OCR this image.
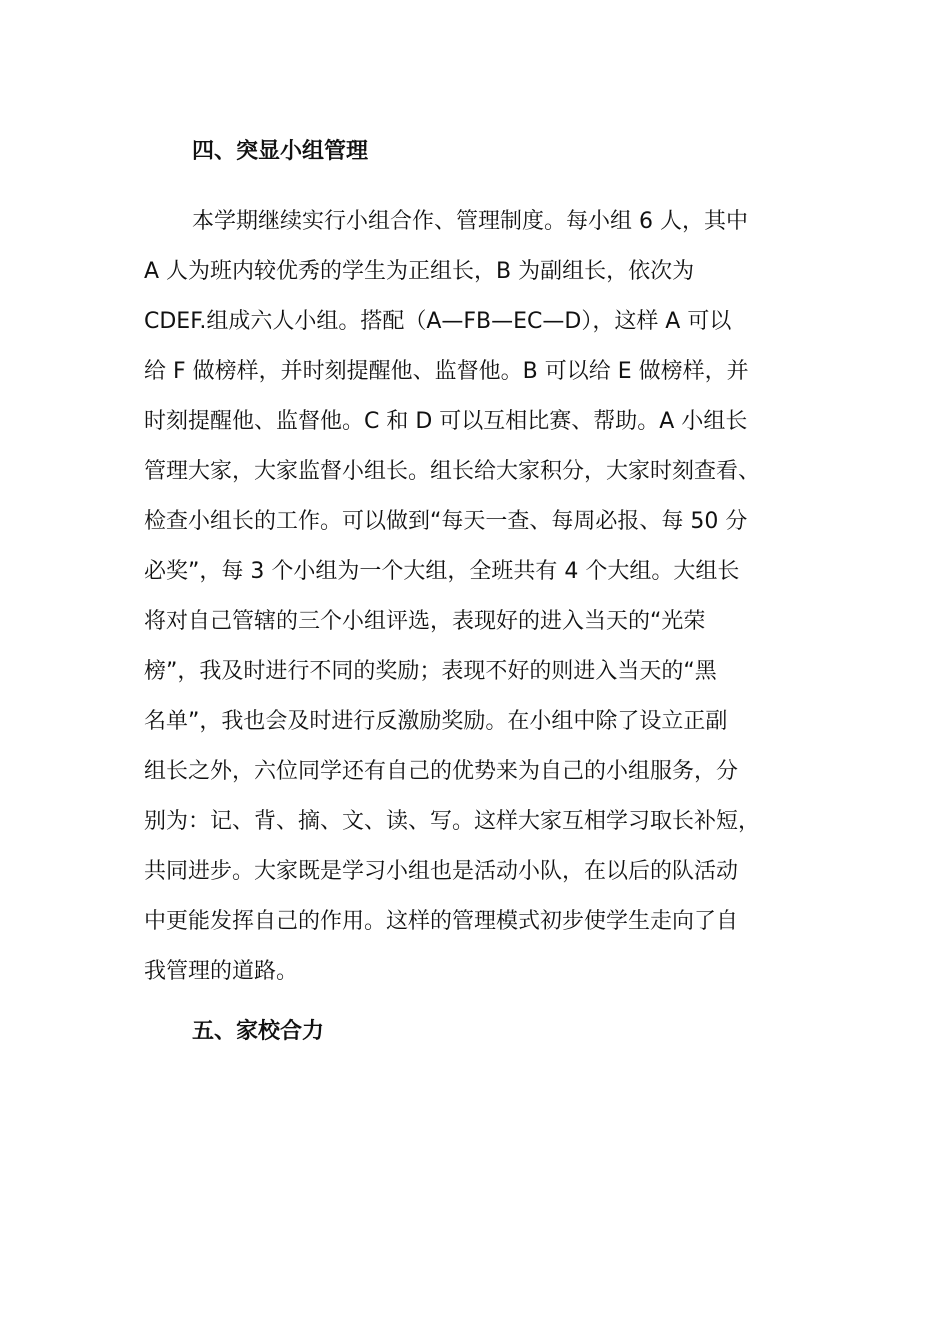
四、突显小组管理
本学期继续实行小组合作、管理制度。每小组 6 人，其中
A 人为班内较优秀的学生为正组长，B 为副组长，依次为
CDEF.组成六人小组。搭配（A—FB—EC—D），这样 A 可以
给 F 做榜样，并时刻提醒他、监督他。B 可以给 E 做榜样，并
时刻提醒他、监督他。C 和 D 可以互相比赛、帮助。A 小组长
管理大家，大家监督小组长。组长给大家积分，大家时刻查看、
检查小组长的工作。可以做到“每天一查、每周必报、每 50 分
必奖”，每 3 个小组为一个大组，全班共有 4 个大组。大组长
将对自己管辖的三个小组评选，表现好的进入当天的“光荣
榜”，我及时进行不同的奖励；表现不好的则进入当天的“黑
名单”，我也会及时进行反激励奖励。在小组中除了设立正副
组长之外，六位同学还有自己的优势来为自己的小组服务，分
别为：记、背、摘、文、读、写。这样大家互相学习取长补短，
共同进步。大家既是学习小组也是活动小队，在以后的队活动
中更能发挥自己的作用。这样的管理模式初步使学生走向了自
我管理的道路。
五、家校合力
